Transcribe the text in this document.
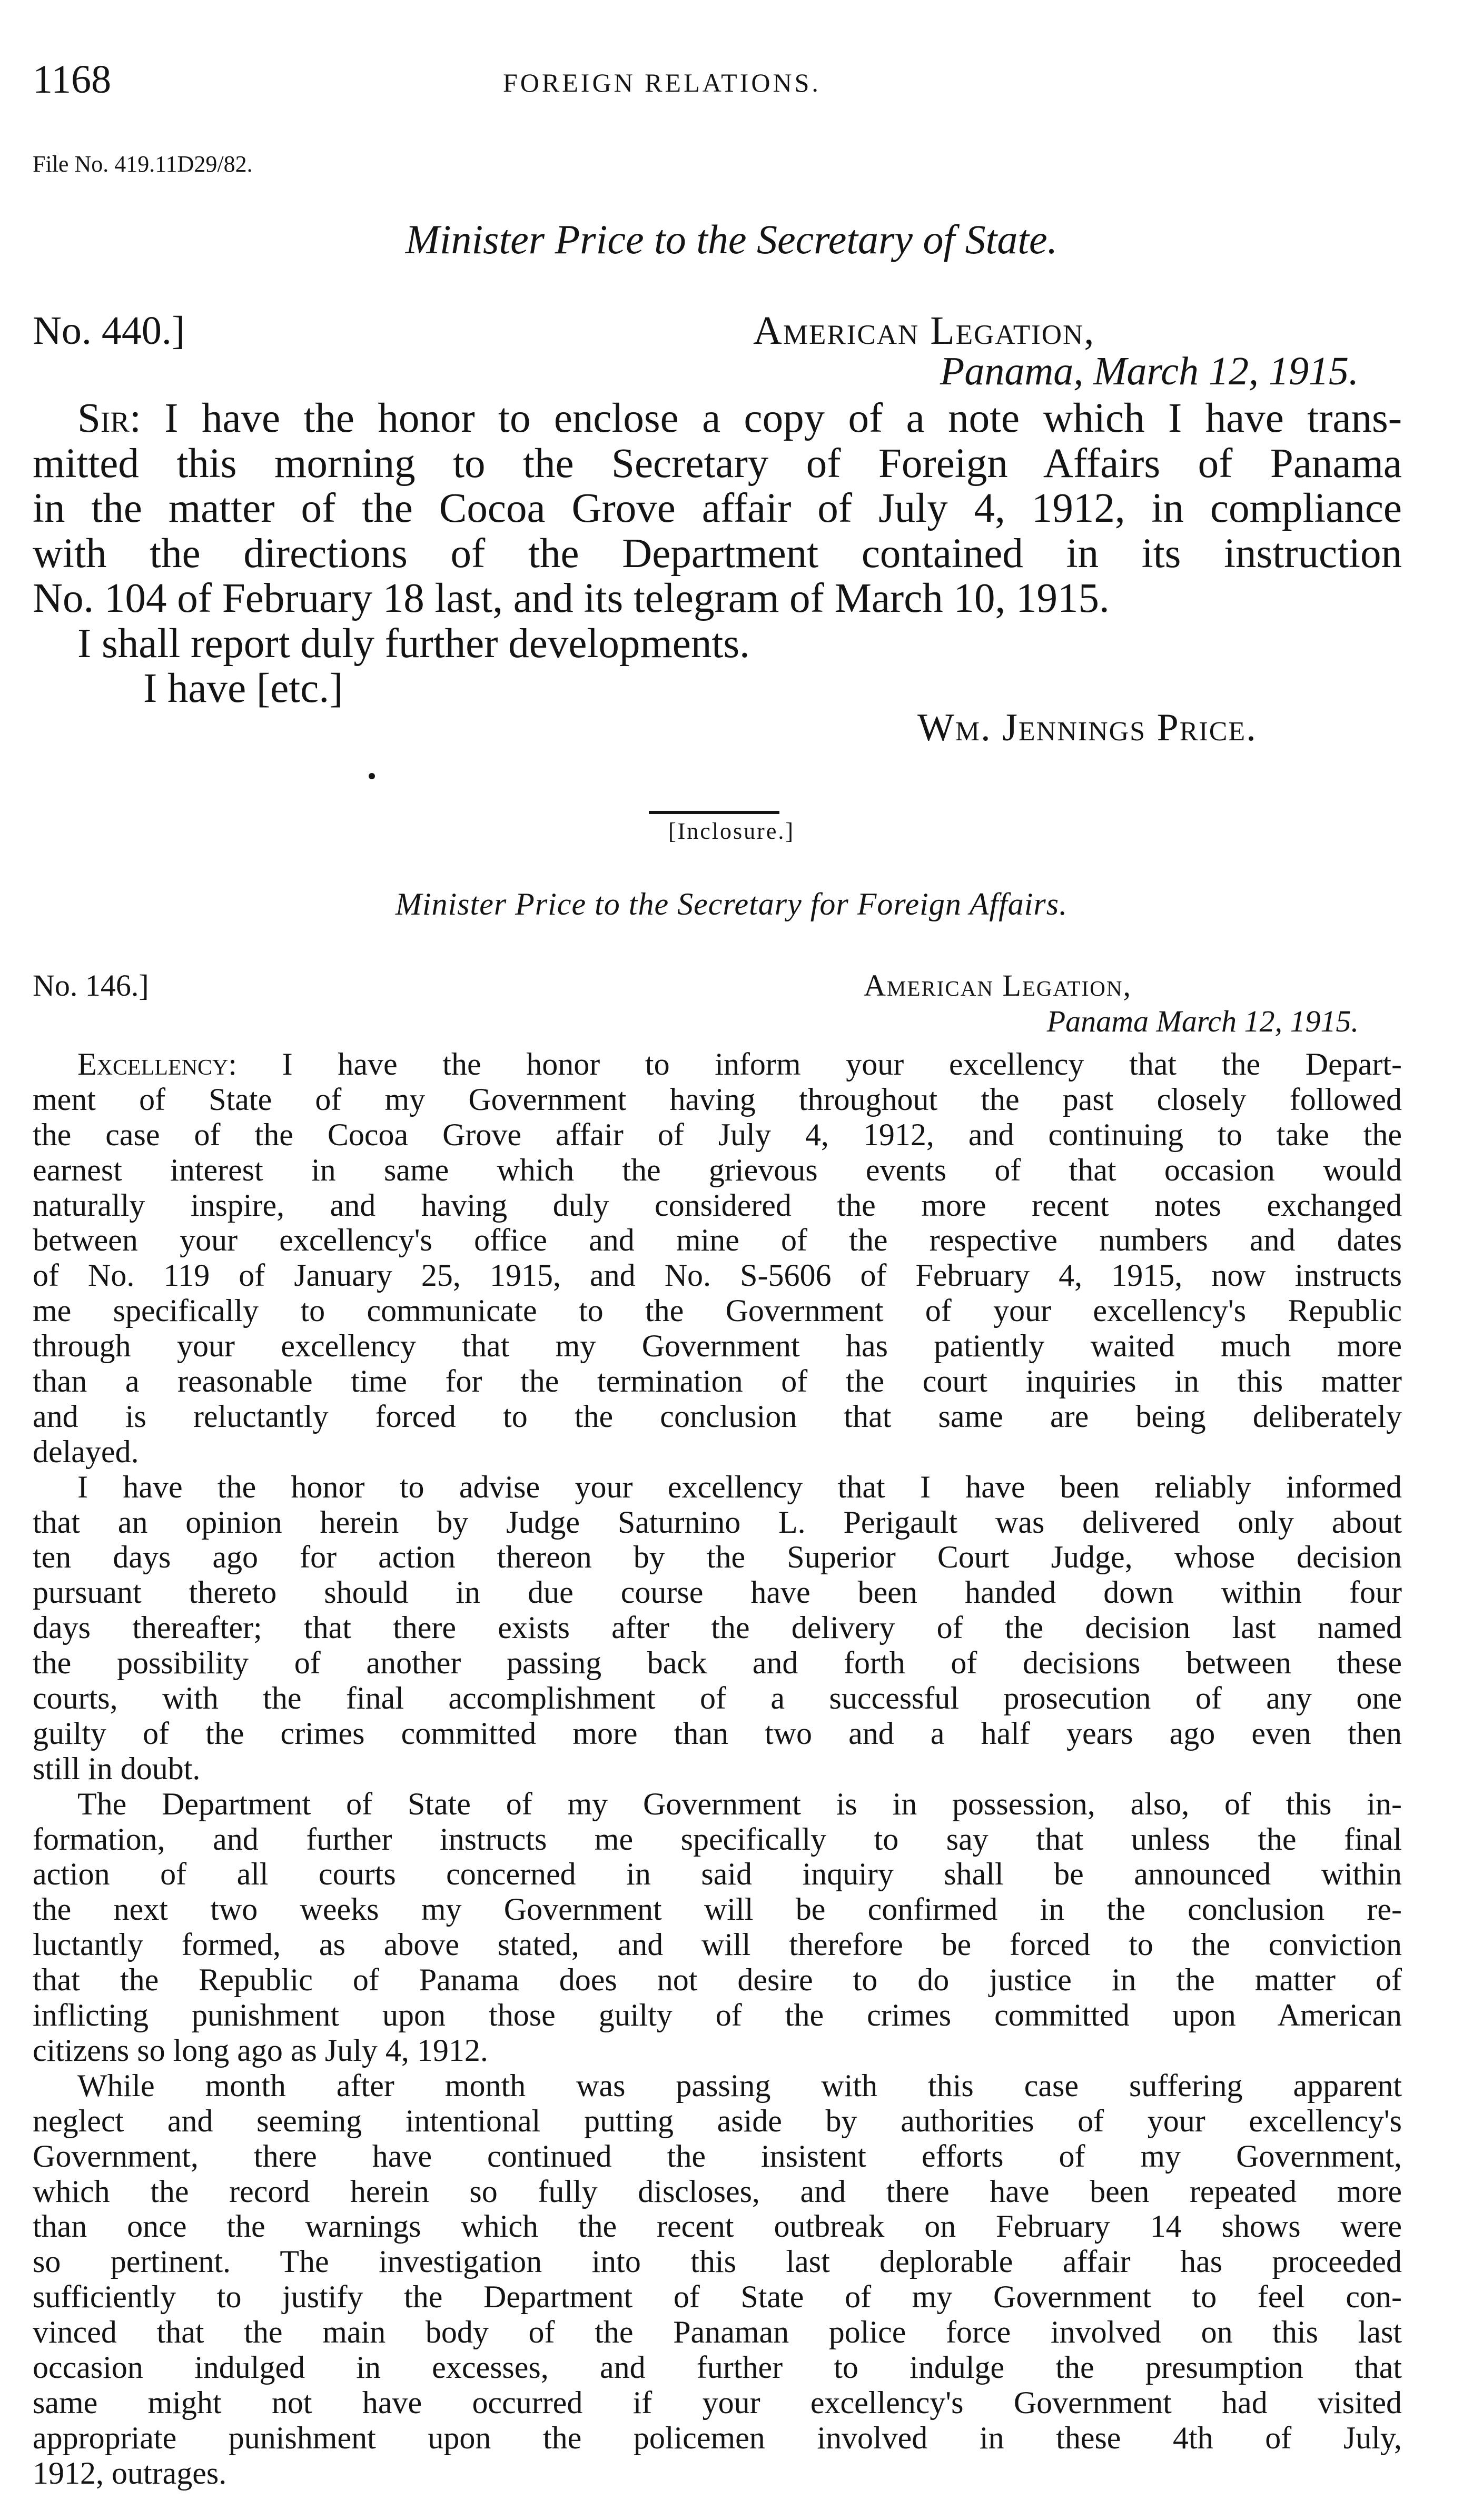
1168	FOREIGN RELATIONS.
File No. 419.11D29/82.
Minister Price to the Secretary of State.
No. 440.]	American Legation,
Panama, March 12, 1915.
Sir: I have the honor to enclose a copy of a note which I have trans-
mitted this morning to the Secretary of Foreign Affairs of Panama
in the matter of the Cocoa Grove affair of July 4, 1912, in compliance
with the directions of the Department contained in its instruction
No. 104 of February 18 last, and its telegram of March 10, 1915.
I shall report duly further developments.
I have [etc.]
Wm. Jennings Price.
[Inclosure.]
Minister Price to the Secretary for Foreign Affairs.
No. 146.]	American Legation,
Panama March 12, 1915.
Excellency: I have the honor to inform your excellency that the Depart-
ment of State of my Government having throughout the past closely followed
the case of the Cocoa Grove affair of July 4, 1912, and continuing to take the
earnest interest in same which the grievous events of that occasion would
naturally inspire, and having duly considered the more recent notes exchanged
between your excellency's office and mine of the respective numbers and dates
of No. 119 of January 25, 1915, and No. S-5606 of February 4, 1915, now instructs
me specifically to communicate to the Government of your excellency's Republic
through your excellency that my Government has patiently waited much more
than a reasonable time for the termination of the court inquiries in this matter
and is reluctantly forced to the conclusion that same are being deliberately
delayed.
I have the honor to advise your excellency that I have been reliably informed
that an opinion herein by Judge Saturnino L. Perigault was delivered only about
ten days ago for action thereon by the Superior Court Judge, whose decision
pursuant thereto should in due course have been handed down within four
days thereafter; that there exists after the delivery of the decision last named
the possibility of another passing back and forth of decisions between these
courts, with the final accomplishment of a successful prosecution of any one
guilty of the crimes committed more than two and a half years ago even then
still in doubt.
The Department of State of my Government is in possession, also, of this in-
formation, and further instructs me specifically to say that unless the final
action of all courts concerned in said inquiry shall be announced within
the next two weeks my Government will be confirmed in the conclusion re-
luctantly formed, as above stated, and will therefore be forced to the conviction
that the Republic of Panama does not desire to do justice in the matter of
inflicting punishment upon those guilty of the crimes committed upon American
citizens so long ago as July 4, 1912.
While month after month was passing with this case suffering apparent
neglect and seeming intentional putting aside by authorities of your excellency's
Government, there have continued the insistent efforts of my Government,
which the record herein so fully discloses, and there have been repeated more
than once the warnings which the recent outbreak on February 14 shows were
so pertinent. The investigation into this last deplorable affair has proceeded
sufficiently to justify the Department of State of my Government to feel con-
vinced that the main body of the Panaman police force involved on this last
occasion indulged in excesses, and further to indulge the presumption that
same might not have occurred if your excellency's Government had visited
appropriate punishment upon the policemen involved in these 4th of July,
1912, outrages.
